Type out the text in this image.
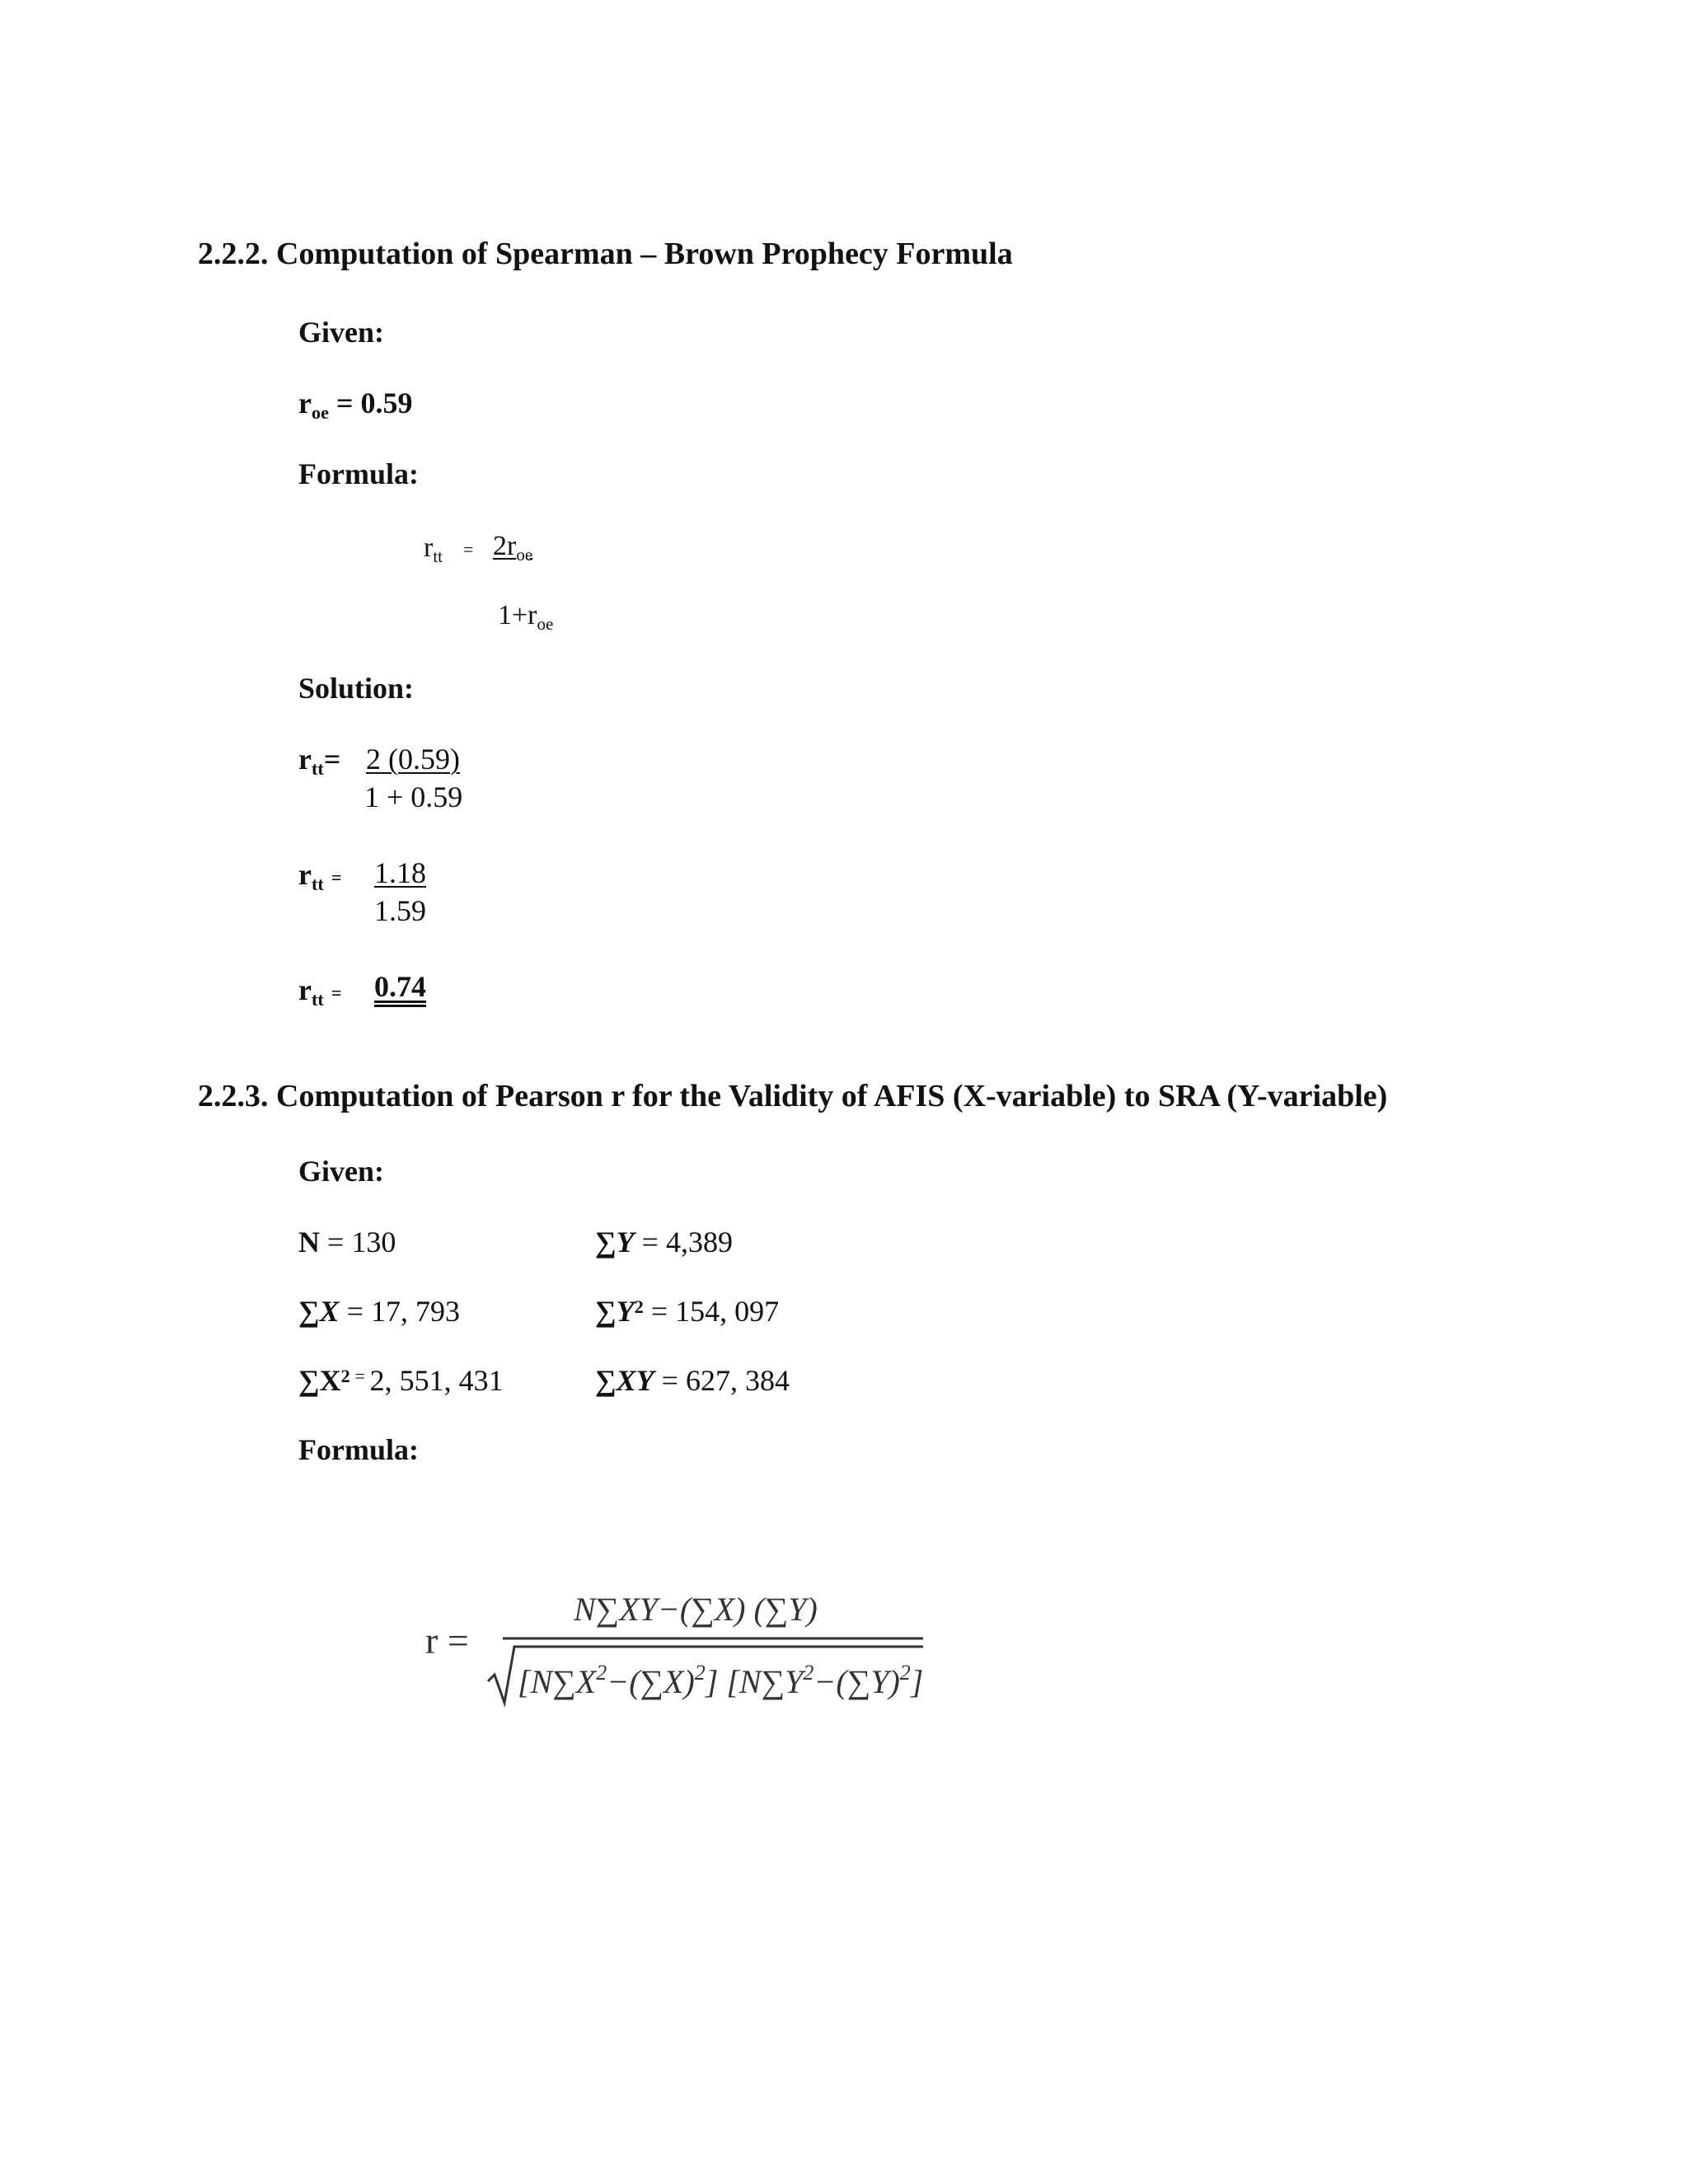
2.2.2. Computation of Spearman – Brown Prophecy Formula
Given:
roe = 0.59
Formula:
rtt = 2roe
1+roe
Solution:
rtt= 2 (0.59)
1 + 0.59
rtt = 1.18
1.59
rtt = 0.74
2.2.3. Computation of Pearson r for the Validity of AFIS (X-variable) to SRA (Y-variable)
Given:
N = 130
∑X = 17, 793
$\sum X^2$ = 2, 551, 431
∑Y = 4,389
$\sum Y^2 = 154$, 097
∑XY = 627, 384
Formula:
r =
N∑XY−(∑X) (∑Y)
$[N\sum X^2-(\sum X)^2]$ $[N\sum Y^2-(\sum Y)^2]$
